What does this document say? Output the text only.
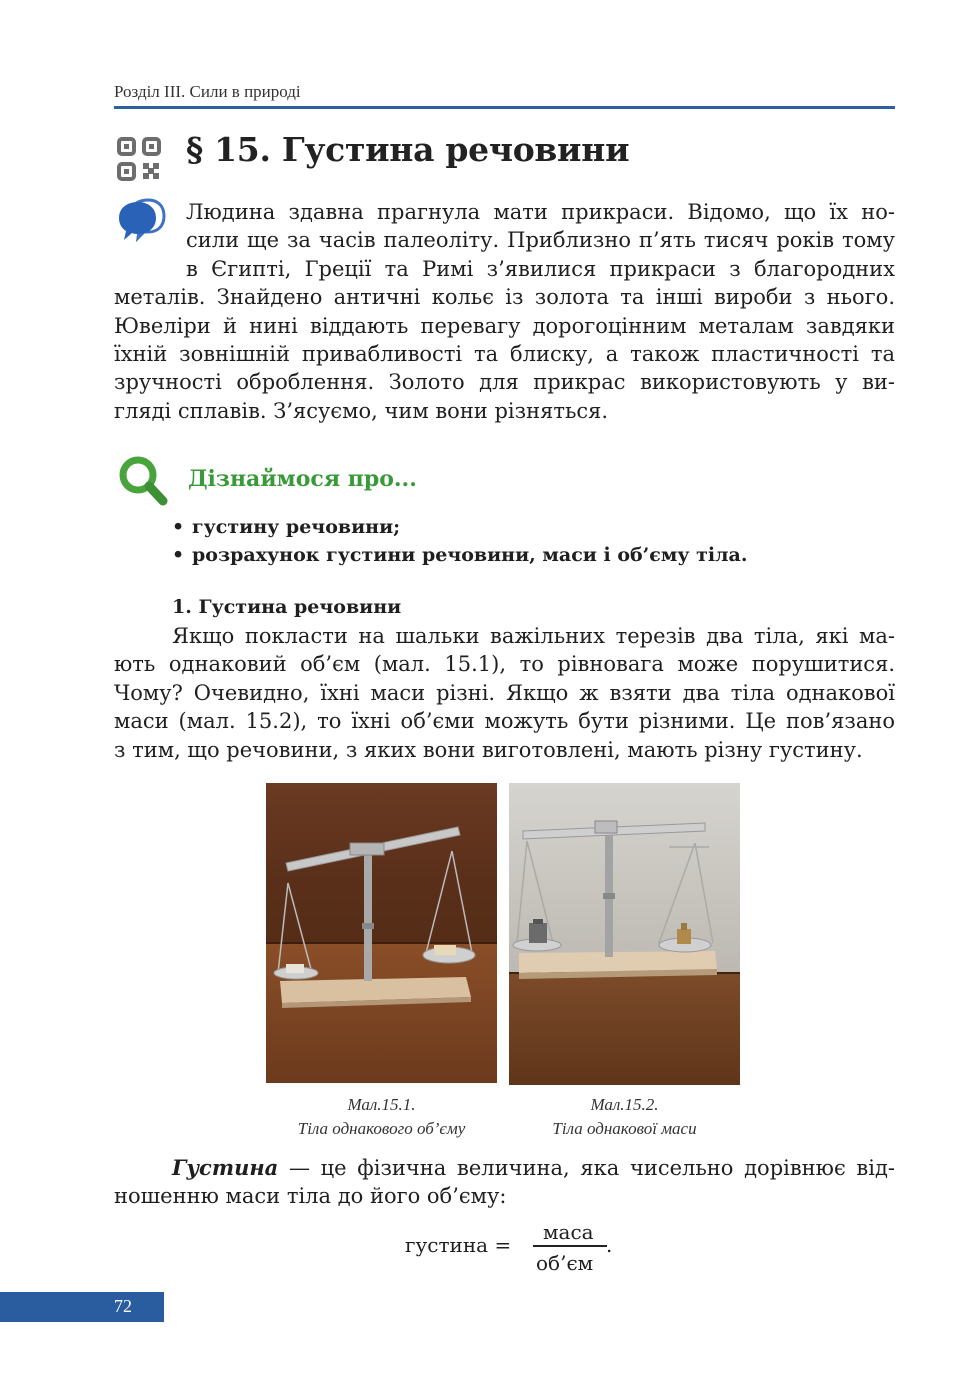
Розділ III. Сили в природі
§ 15. Густина речовини
Людина здавна прагнула мати прикраси. Відомо, що їх но-
сили ще за часів палеоліту. Приблизно п’ять тисяч років тому
в Єгипті, Греції та Римі з’явилися прикраси з благородних
металів. Знайдено античні кольє із золота та інші вироби з нього.
Ювеліри й нині віддають перевагу дорогоцінним металам завдяки
їхній зовнішній привабливості та блиску, а також пластичності та
зручності оброблення. Золото для прикрас використовують у ви-
гляді сплавів. З’ясуємо, чим вони різняться.
Дізнаймося про...
• густину речовини;
• розрахунок густини речовини, маси і об’єму тіла.
1. Густина речовини
Якщо покласти на шальки важільних терезів два тіла, які ма-
ють однаковий об’єм (мал. 15.1), то рівновага може порушитися.
Чому? Очевидно, їхні маси різні. Якщо ж взяти два тіла однакової
маси (мал. 15.2), то їхні об’єми можуть бути різними. Це пов’язано
з тим, що речовини, з яких вони виготовлені, мають різну густину.
Мал.15.1.
Тіла однакового об’єму
Мал.15.2.
Тіла однакової маси
Густина — це фізична величина, яка чисельно дорівнює від-
ношенню маси тіла до його об’єму:
густина =
маса
об’єм
.
72
